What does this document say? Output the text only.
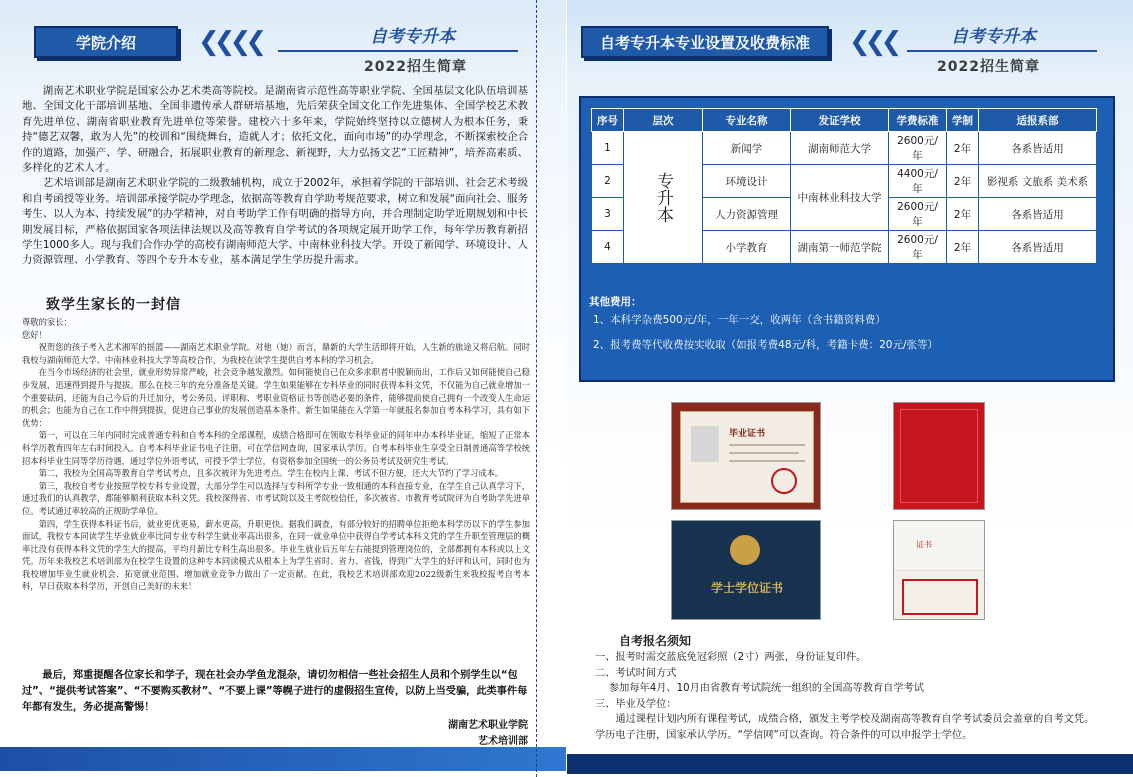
学院介绍 ❮❮❮❮	自考专升本
2022招生简章

湖南艺术职业学院是国家公办艺术类高等院校。是湖南省示范性高等职业学院、全国基层文化队伍培训基地、全国文化干部培训基地、全国非遗传承人群研培基地，先后荣获全国文化工作先进集体、全国学校艺术教育先进单位、湖南省职业教育先进单位等荣誉。建校六十多年来，学院始终坚持以立德树人为根本任务，秉持“德艺双馨，敢为人先”的校训和“围绕舞台，造就人才；依托文化，面向市场”的办学理念，不断探索校企合作的道路，加强产、学、研融合，拓展职业教育的新理念、新视野，大力弘扬文艺“工匠精神”，培养高素质、多样化的艺术人才。

艺术培训部是湖南艺术职业学院的二级教辅机构，成立于2002年，承担着学院的干部培训、社会艺术考级和自考函授等业务。培训部承接学院办学理念，依据高等教育自学助考规范要求，树立和发展“面向社会、服务考生、以人为本、持续发展”的办学精神，对自考助学工作有明确的指导方向，并合理制定助学近期规划和中长期发展目标，严格依据国家各项法律法规以及高等教育自学考试的各项规定展开助学工作，每年学历教育新招学生1000多人。现与我们合作办学的高校有湖南师范大学、中南林业科技大学。开设了新闻学、环境设计、人力资源管理、小学教育、等四个专升本专业，基本满足学生学历提升需求。

致学生家长的一封信

尊敬的家长：

您好！

祝贺您的孩子考入艺术湘军的摇篮——湖南艺术职业学院。对他（她）而言，鼎新的大学生活即将开始，人生新的旅途又将启航。同时我校与湖南师范大学、中南林业科技大学等高校合作，为我校在读学生提供自考本科的学习机会。

在当今市场经济的社会里，就业形势异常严峻，社会竞争越发激烈。如何能使自己在众多求职者中脱颖而出，工作后又如何能使自己稳步发展，迅速得到提升与提拔。那么在校三年的充分准备是关键。学生如果能够在专科毕业的同时获得本科文凭，不仅能为自己就业增加一个重要砝码，还能为自己今后的升迁加分，考公务员、评职称、考职业资格证书等创造必要的条件，能够提前使自己拥有一个改变人生命运的机会；也能为自己在工作中得到提拔，促进自己事业的发展创造基本条件。新生如果能在入学第一年就报名参加自考本科学习，具有如下优势：

第一，可以在三年内同时完成普通专科和自考本科的全部课程，成绩合格即可在领取专科毕业证的同年申办本科毕业证，缩短了正常本科学历教育四年左右时间投入。自考本科毕业证书电子注册，可在学信网查询，国家承认学历。自考本科毕业生享受全日制普通高等学校统招本科毕业生同等学历待遇，通过学位外语考试，可授予学士学位，有资格参加全国统一的公务员考试及研究生考试。

第二，我校为全国高等教育自学考试考点，且多次被评为先进考点。学生在校内上课、考试不但方便，还大大节约了学习成本。

第三，我校自考专业按照学校专科专业设置，大部分学生可以选择与专科所学专业一致相通的本科直接专业，在学生自己认真学习下，通过我们的认真教学，都能够顺利获取本科文凭。我校深得省、市考试院以及主考院校信任，多次被省、市教育考试院评为自考助学先进单位。考试通过率较高的正规助学单位。

第四，学生获得本科证书后，就业更优更易，薪水更高，升职更快。据我们调查，有部分较好的招聘单位拒绝本科学历以下的学生参加面试，我校专本同读学生毕业就业率比同专业专科学生就业率高出很多，在同一就业单位中获得自学考试本科文凭的学生升职至管理层的概率比没有获得本科文凭的学生大的提高，平均月薪比专科生高出很多。毕业生就业后五年左右能提到管理岗位的，全部都拥有本科或以上文凭。历年来我校艺术培训部为在校学生设置的这种专本同读模式从根本上为学生省时、省力、省钱，得到广大学生的好评和认可，同时也为我校增加毕业生就业机会、拓宽就业范围、增加就业竞争力做出了一定贡献。在此，我校艺术培训部欢迎2022级新生来我校报考自考本科，早日获取本科学历，开创自己美好的未来！

最后，郑重提醒各位家长和学子，现在社会办学鱼龙混杂，请切勿相信一些社会招生人员和个别学生以“包过”、“提供考试答案”、“不要购买教材”、“不要上课”等幌子进行的虚假招生宣传，以防上当受骗，此类事件每年都有发生，务必提高警惕！
湖南艺术职业学院
艺术培训部
自考专升本专业设置及收费标准 ❮❮❮	自考专升本
2022招生简章
序号	层次	专业名称	发证学校	学费标准	学制	适报系部
1	专升本	新闻学	湖南师范大学	2600元/年	2年	各系皆适用
2		环境设计	中南林业科技大学	4400元/年	2年	影视系 文旅系 美术系
3		人力资源管理		2600元/年	2年	各系皆适用
4		小学教育	湖南第一师范学院	2600元/年	2年	各系皆适用
其他费用：
1、本科学杂费500元/年，一年一交，收两年（含书籍资料费）
2、报考费等代收费按实收取（如报考费48元/科，考籍卡费：20元/张等）
毕业证书
学士学位证书
证书
自考报名须知
一、报考时需交蓝底免冠彩照（2寸）两张，身份证复印件。
二、考试时间方式
参加每年4月、10月由省教育考试院统一组织的全国高等教育自学考试
三、毕业及学位：
通过课程计划内所有课程考试，成绩合格，颁发主考学校及湖南高等教育自学考试委员会盖章的自考文凭。学历电子注册，国家承认学历。“学信网”可以查询。符合条件的可以申报学士学位。
